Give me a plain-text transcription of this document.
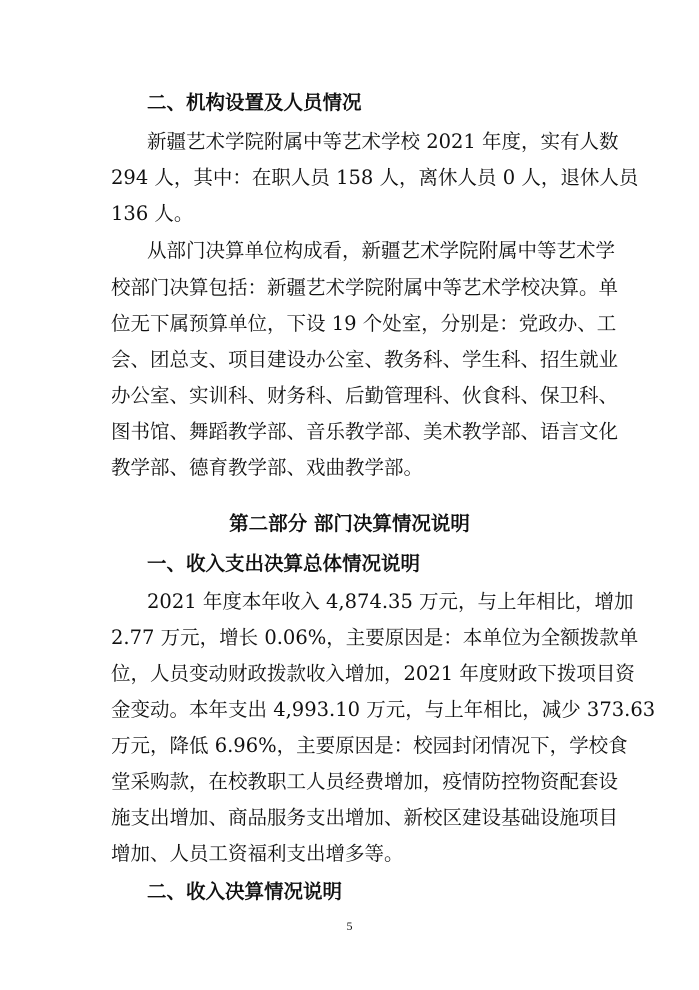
二、机构设置及人员情况
新疆艺术学院附属中等艺术学校 2021 年度，实有人数
294 人，其中：在职人员 158 人，离休人员 0 人，退休人员
136 人。
从部门决算单位构成看，新疆艺术学院附属中等艺术学
校部门决算包括：新疆艺术学院附属中等艺术学校决算。单
位无下属预算单位，下设 19 个处室，分别是：党政办、工
会、团总支、项目建设办公室、教务科、学生科、招生就业
办公室、实训科、财务科、后勤管理科、伙食科、保卫科、
图书馆、舞蹈教学部、音乐教学部、美术教学部、语言文化
教学部、德育教学部、戏曲教学部。
第二部分 部门决算情况说明
一、收入支出决算总体情况说明
2021 年度本年收入 4,874.35 万元，与上年相比，增加
2.77 万元，增长 0.06%，主要原因是：本单位为全额拨款单
位，人员变动财政拨款收入增加，2021 年度财政下拨项目资
金变动。本年支出 4,993.10 万元，与上年相比，减少 373.63
万元，降低 6.96%，主要原因是：校园封闭情况下，学校食
堂采购款，在校教职工人员经费增加，疫情防控物资配套设
施支出增加、商品服务支出增加、新校区建设基础设施项目
增加、人员工资福利支出增多等。
二、收入决算情况说明
5
